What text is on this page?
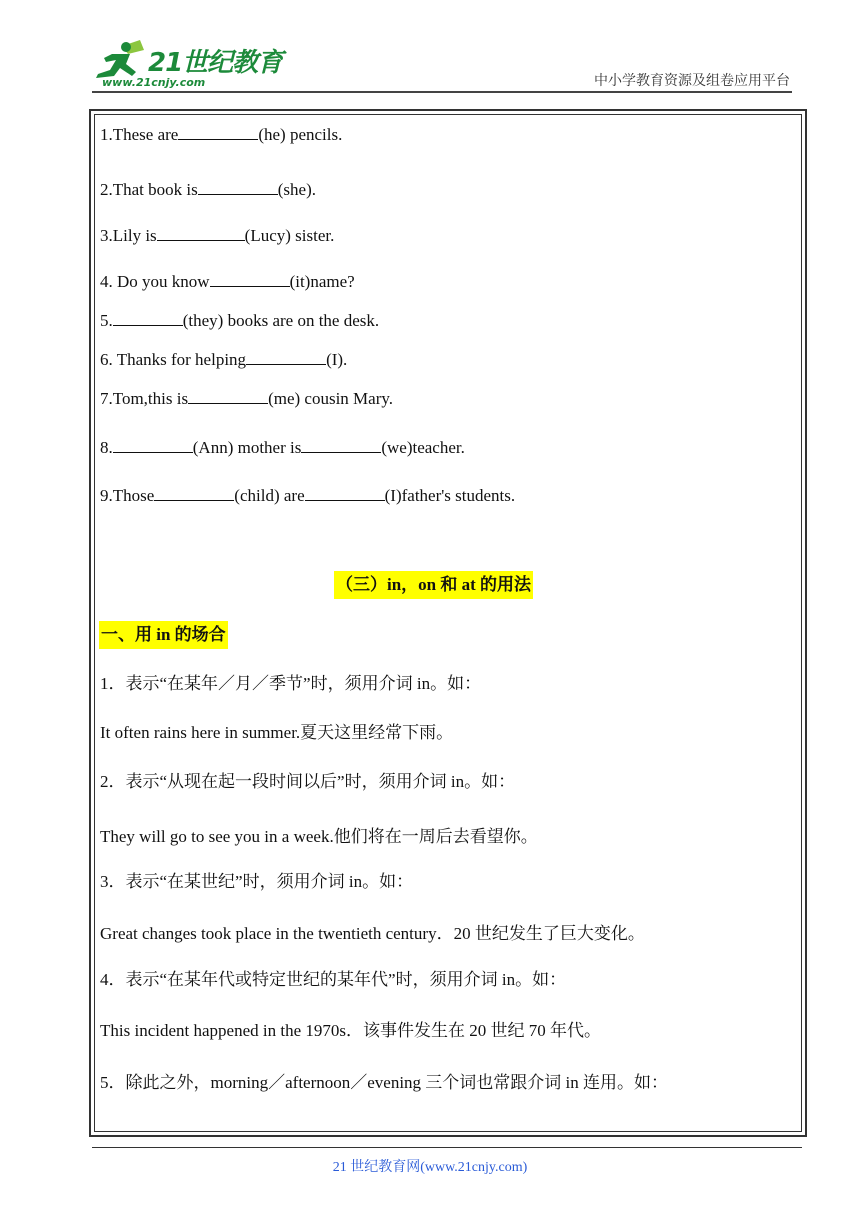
21世纪教育
www.21cnjy.com	中小学教育资源及组卷应用平台
1.These are	(he) pencils.
2.That book is	(she).
3.Lily is	(Lucy) sister.
4. Do you know	(it)name?
5.	(they) books are on the desk.
6. Thanks for helping	(I).
7.Tom,this is	(me) cousin Mary.
8.	(Ann) mother is	(we)teacher.
9.Those	(child) are	(I)father's students.
（三）in，on 和 at 的用法
一、用 in 的场合
1．表示“在某年／月／季节”时，须用介词 in。如：
It often rains here in summer.夏天这里经常下雨。
2．表示“从现在起一段时间以后”时，须用介词 in。如：
They will go to see you in a week.他们将在一周后去看望你。
3．表示“在某世纪”时，须用介词 in。如：
Great changes took place in the twentieth century．20 世纪发生了巨大变化。
4．表示“在某年代或特定世纪的某年代”时，须用介词 in。如：
This incident happened in the 1970s．该事件发生在 20 世纪 70 年代。
5．除此之外，morning／afternoon／evening 三个词也常跟介词 in 连用。如：
21 世纪教育网(www.21cnjy.com)
